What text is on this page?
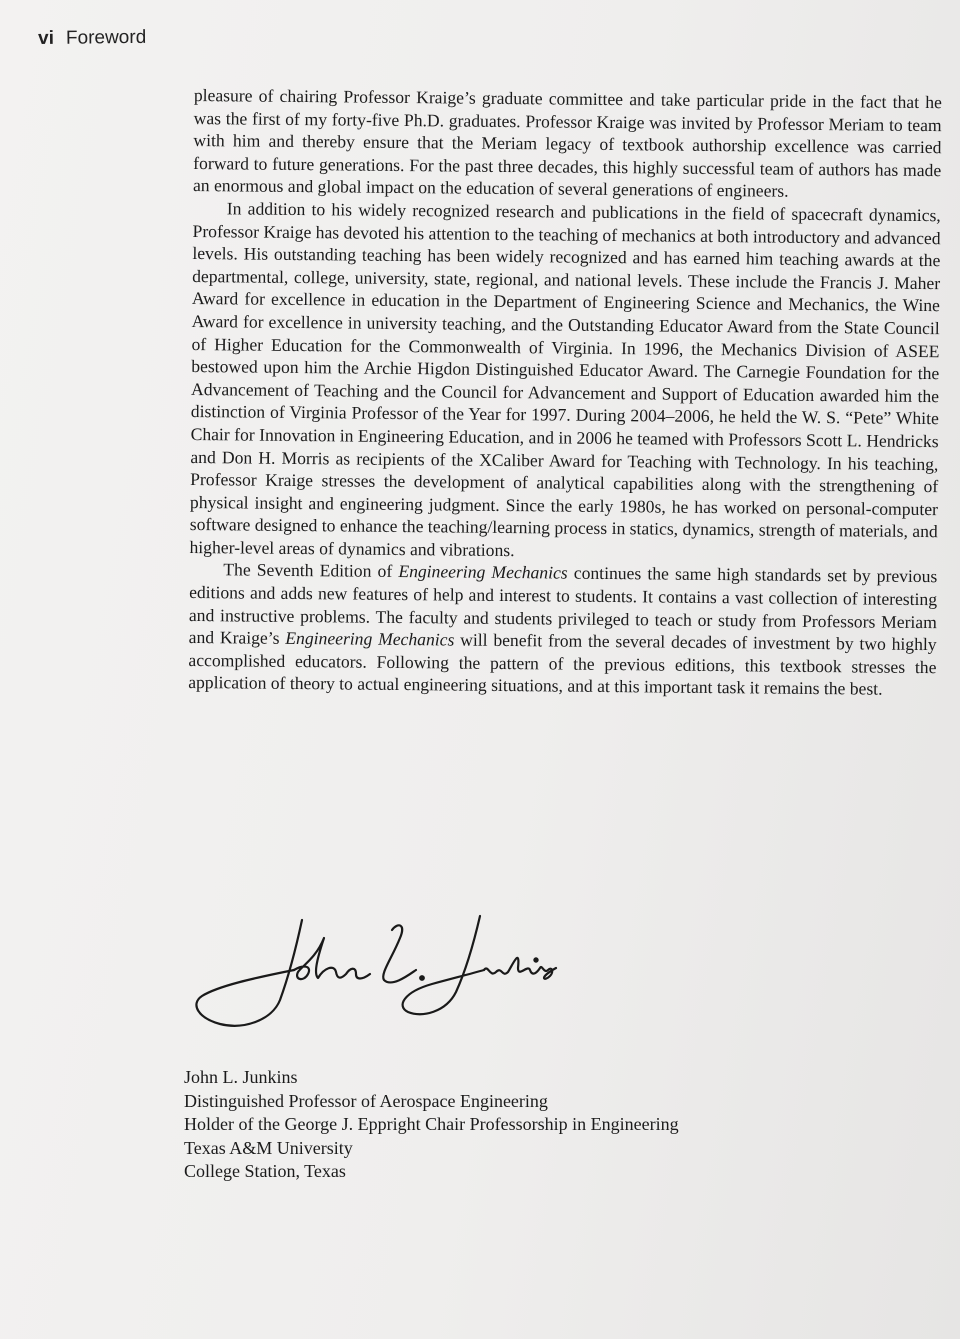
vi Foreword

pleasure of chairing Professor Kraige’s graduate committee and take particular pride in the fact that he was the first of my forty-five Ph.D. graduates. Professor Kraige was invited by Professor Meriam to team with him and thereby ensure that the Meriam legacy of textbook authorship excellence was carried forward to future generations. For the past three decades, this highly successful team of authors has made an enormous and global impact on the education of several generations of engineers.

In addition to his widely recognized research and publications in the field of spacecraft dynamics, Professor Kraige has devoted his attention to the teaching of mechanics at both introductory and advanced levels. His outstanding teaching has been widely recognized and has earned him teaching awards at the departmental, college, university, state, regional, and national levels. These include the Francis J. Maher Award for excellence in education in the Department of Engineering Science and Mechanics, the Wine Award for excellence in university teaching, and the Outstanding Educator Award from the State Council of Higher Education for the Commonwealth of Virginia. In 1996, the Mechanics Division of ASEE bestowed upon him the Archie Higdon Distinguished Educator Award. The Carnegie Foundation for the Advancement of Teaching and the Council for Advancement and Support of Education awarded him the distinction of Virginia Professor of the Year for 1997. During 2004–2006, he held the W. S. “Pete” White Chair for Innovation in Engineering Education, and in 2006 he teamed with Professors Scott L. Hendricks and Don H. Morris as recipients of the XCaliber Award for Teaching with Technology. In his teaching, Professor Kraige stresses the development of analytical capabilities along with the strengthening of physical insight and engineering judgment. Since the early 1980s, he has worked on personal-computer software designed to enhance the teaching/learning process in statics, dynamics, strength of materials, and higher-level areas of dynamics and vibrations.

The Seventh Edition of Engineering Mechanics continues the same high standards set by previous editions and adds new features of help and interest to students. It contains a vast collection of interesting and instructive problems. The faculty and students privileged to teach or study from Professors Meriam and Kraige’s Engineering Mechanics will benefit from the several decades of investment by two highly accomplished educators. Following the pattern of the previous editions, this textbook stresses the application of theory to actual engineering situations, and at this important task it remains the best.

John L. Junkins
Distinguished Professor of Aerospace Engineering
Holder of the George J. Eppright Chair Professorship in Engineering
Texas A&M University
College Station, Texas
